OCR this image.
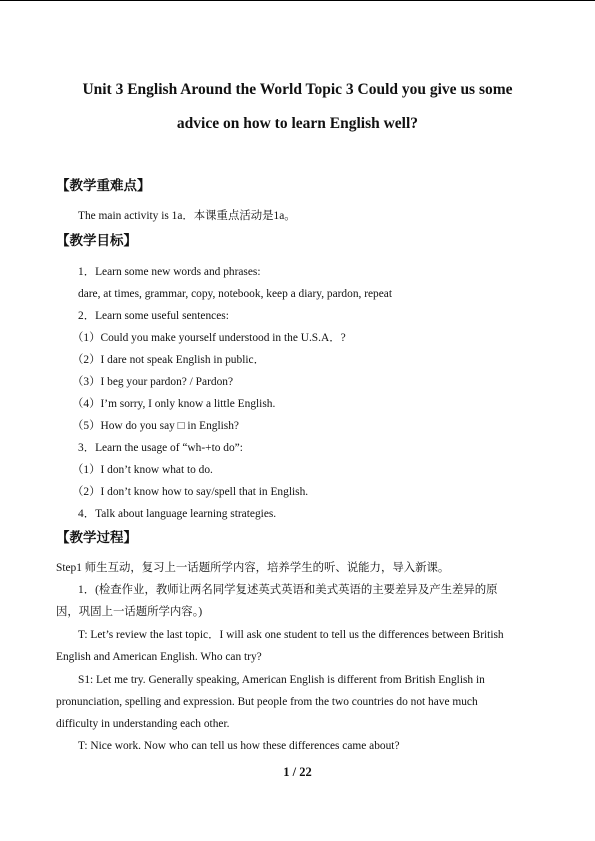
Unit 3 English Around the World Topic 3 Could you give us some
advice on how to learn English well?
【教学重难点】
The main activity is 1a．本课重点活动是1a。
【教学目标】
1．Learn some new words and phrases:
dare, at times, grammar, copy, notebook, keep a diary, pardon, repeat
2．Learn some useful sentences:
（1）Could you make yourself understood in the U.S.A．?
（2）I dare not speak English in public．
（3）I beg your pardon? / Pardon?
（4）I’m sorry, I only know a little English.
（5）How do you say □ in English?
3．Learn the usage of “wh-+to do”:
（1）I don’t know what to do.
（2）I don’t know how to say/spell that in English.
4．Talk about language learning strategies.
【教学过程】
Step1 师生互动，复习上一话题所学内容，培养学生的听、说能力，导入新课。
1．(检查作业，教师让两名同学复述英式英语和美式英语的主要差异及产生差异的原
因，巩固上一话题所学内容。)
T: Let’s review the last topic．I will ask one student to tell us the differences between British
English and American English. Who can try?
S1: Let me try. Generally speaking, American English is different from British English in
pronunciation, spelling and expression. But people from the two countries do not have much
difficulty in understanding each other.
T: Nice work. Now who can tell us how these differences came about?
1 / 22
